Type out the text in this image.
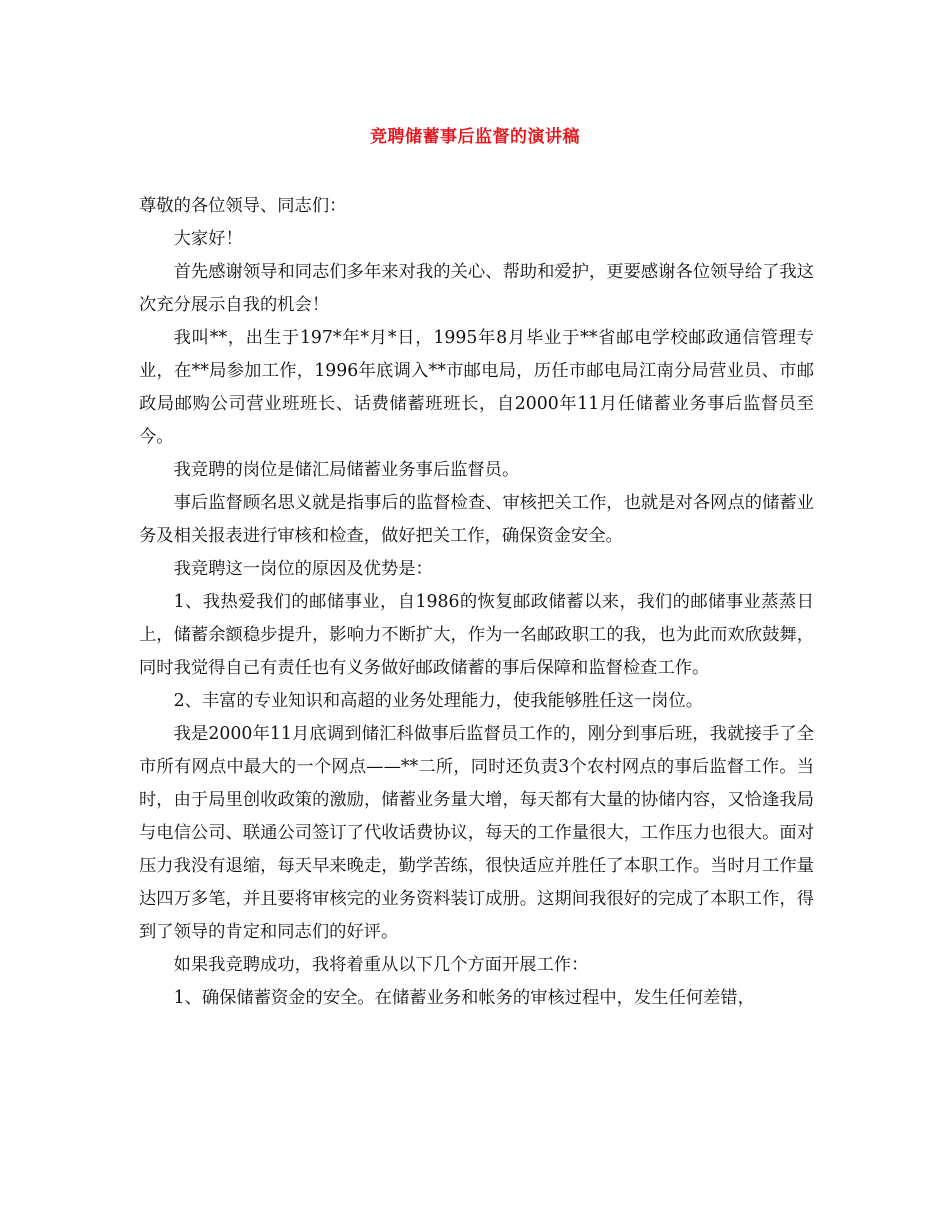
竞聘储蓄事后监督的演讲稿

尊敬的各位领导、同志们：

大家好！

首先感谢领导和同志们多年来对我的关心、帮助和爱护，更要感谢各位领导给了我这次充分展示自我的机会！

我叫**，出生于197*年*月*日，1995年8月毕业于**省邮电学校邮政通信管理专业，在**局参加工作，1996年底调入**市邮电局，历任市邮电局江南分局营业员、市邮政局邮购公司营业班班长、话费储蓄班班长，自2000年11月任储蓄业务事后监督员至今。

我竞聘的岗位是储汇局储蓄业务事后监督员。

事后监督顾名思义就是指事后的监督检查、审核把关工作，也就是对各网点的储蓄业务及相关报表进行审核和检查，做好把关工作，确保资金安全。

我竞聘这一岗位的原因及优势是：

1、我热爱我们的邮储事业，自1986的恢复邮政储蓄以来，我们的邮储事业蒸蒸日上，储蓄余额稳步提升，影响力不断扩大，作为一名邮政职工的我，也为此而欢欣鼓舞，同时我觉得自己有责任也有义务做好邮政储蓄的事后保障和监督检查工作。

2、丰富的专业知识和高超的业务处理能力，使我能够胜任这一岗位。

我是2000年11月底调到储汇科做事后监督员工作的，刚分到事后班，我就接手了全市所有网点中最大的一个网点——**二所，同时还负责3个农村网点的事后监督工作。当时，由于局里创收政策的激励，储蓄业务量大增，每天都有大量的协储内容，又恰逢我局与电信公司、联通公司签订了代收话费协议，每天的工作量很大，工作压力也很大。面对压力我没有退缩，每天早来晚走，勤学苦练，很快适应并胜任了本职工作。当时月工作量达四万多笔，并且要将审核完的业务资料装订成册。这期间我很好的完成了本职工作，得到了领导的肯定和同志们的好评。

如果我竞聘成功，我将着重从以下几个方面开展工作：

1、确保储蓄资金的安全。在储蓄业务和帐务的审核过程中，发生任何差错，
